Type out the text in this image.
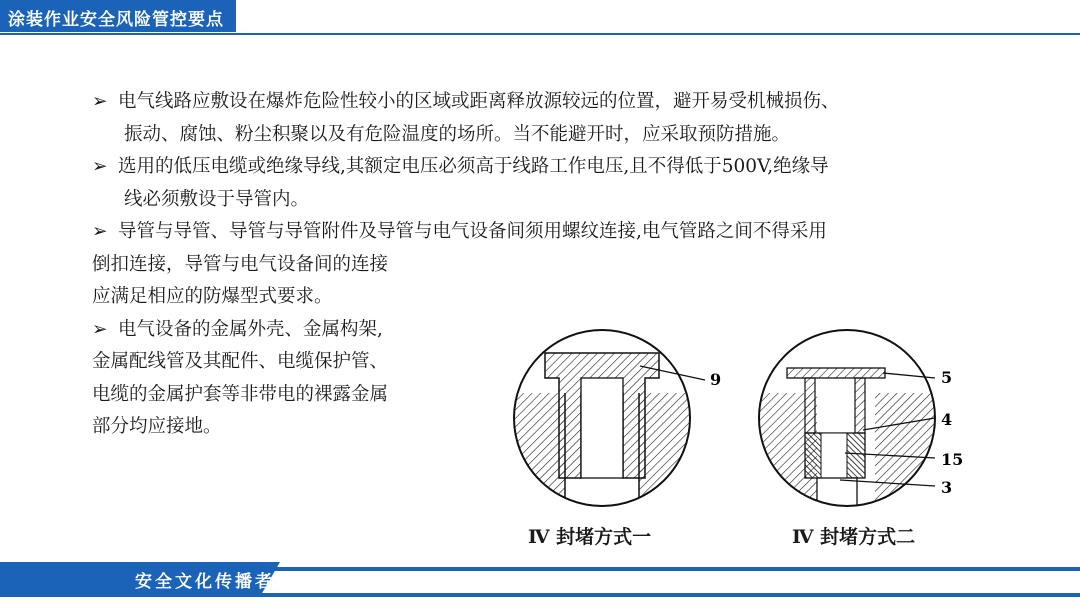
涂装作业安全风险管控要点
➢ 电气线路应敷设在爆炸危险性较小的区域或距离释放源较远的位置，避开易受机械损伤、
振动、腐蚀、粉尘积聚以及有危险温度的场所。当不能避开时，应采取预防措施。
➢ 选用的低压电缆或绝缘导线,其额定电压必须高于线路工作电压,且不得低于500V,绝缘导
线必须敷设于导管内。
➢ 导管与导管、导管与导管附件及导管与电气设备间须用螺纹连接,电气管路之间不得采用
倒扣连接，导管与电气设备间的连接
应满足相应的防爆型式要求。
➢ 电气设备的金属外壳、金属构架,
金属配线管及其配件、电缆保护管、
电缆的金属护套等非带电的裸露金属
部分均应接地。
9	5
4
15
3
Ⅳ 封堵方式一	Ⅳ 封堵方式二
安全文化传播者
